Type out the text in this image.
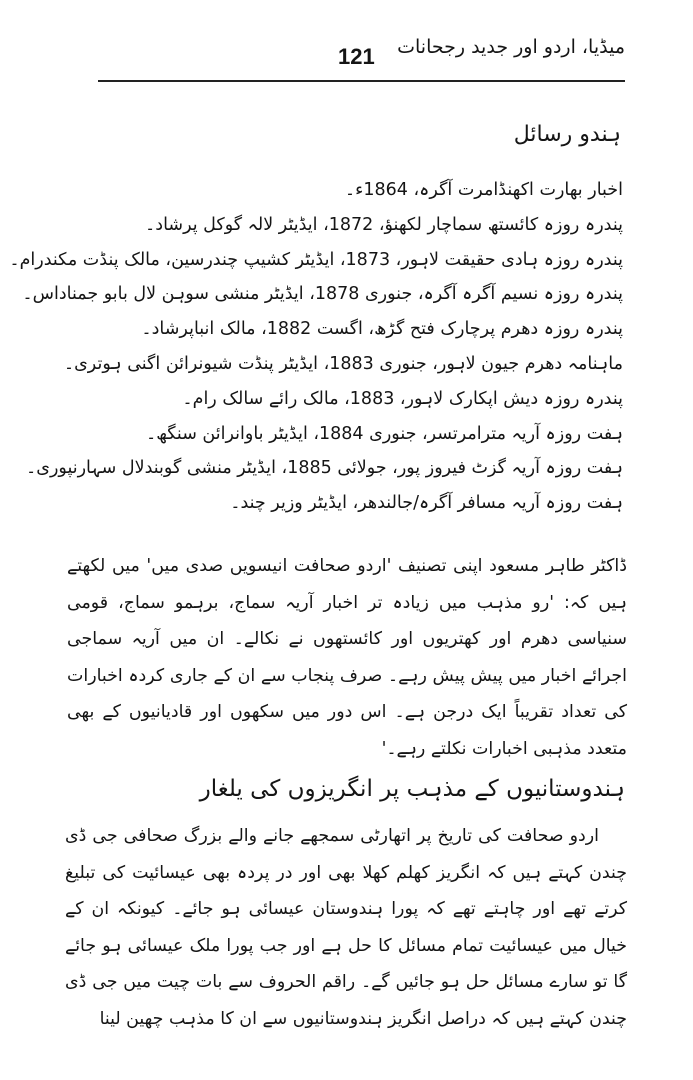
میڈیا، اردو اور جدید رجحانات
121
ہندو رسائل
اخبار بھارت اکھنڈامرت آگرہ، 1864ء۔
پندرہ روزہ کائستھ سماچار لکھنؤ، 1872، ایڈیٹر لالہ گوکل پرشاد۔
پندرہ روزہ ہادی حقیقت لاہور، 1873، ایڈیٹر کشیپ چندرسین، مالک پنڈت مکندرام۔
پندرہ روزہ نسیم آگرہ آگرہ، جنوری 1878، ایڈیٹر منشی سوہن لال بابو جمناداس۔
پندرہ روزہ دھرم پرچارک فتح گڑھ، اگست 1882، مالک انباپرشاد۔
ماہنامہ دھرم جیون لاہور، جنوری 1883، ایڈیٹر پنڈت شیونرائن اگنی ہوتری۔
پندرہ روزہ دیش اپکارک لاہور، 1883، مالک رائے سالک رام۔
ہفت روزہ آریہ مترامرتسر، جنوری 1884، ایڈیٹر باوانرائن سنگھ۔
ہفت روزہ آریہ گزٹ فیروز پور، جولائی 1885، ایڈیٹر منشی گوبندلال سہارنپوری۔
ہفت روزہ آریہ مسافر آگرہ/جالندھر، ایڈیٹر وزیر چند۔

ڈاکٹر طاہر مسعود اپنی تصنیف 'اردو صحافت انیسویں صدی میں' میں لکھتے ہیں کہ: 'رو مذہب میں زیادہ تر اخبار آریہ سماج، برہمو سماج، قومی سنیاسی دھرم اور کھتریوں اور کائستھوں نے نکالے۔ ان میں آریہ سماجی اجرائے اخبار میں پیش پیش رہے۔ صرف پنجاب سے ان کے جاری کردہ اخبارات کی تعداد تقریباً ایک درجن ہے۔ اس دور میں سکھوں اور قادیانیوں کے بھی متعدد مذہبی اخبارات نکلتے رہے۔'

ہندوستانیوں کے مذہب پر انگریزوں کی یلغار

اردو صحافت کی تاریخ پر اتھارٹی سمجھے جانے والے بزرگ صحافی جی ڈی چندن کہتے ہیں کہ انگریز کھلم کھلا بھی اور در پردہ بھی عیسائیت کی تبلیغ کرتے تھے اور چاہتے تھے کہ پورا ہندوستان عیسائی ہو جائے۔ کیونکہ ان کے خیال میں عیسائیت تمام مسائل کا حل ہے اور جب پورا ملک عیسائی ہو جائے گا تو سارے مسائل حل ہو جائیں گے۔ راقم الحروف سے بات چیت میں جی ڈی چندن کہتے ہیں کہ دراصل انگریز ہندوستانیوں سے ان کا مذہب چھین لینا
